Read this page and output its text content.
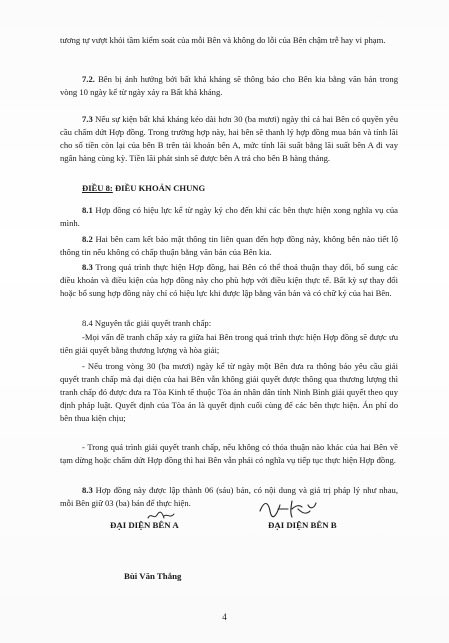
tương tự vượt khỏi tầm kiểm soát của mỗi Bên và không do lỗi của Bên chậm trễ hay vi phạm.

7.2. Bên bị ảnh hưởng bởi bất khả kháng sẽ thông báo cho Bên kia bằng văn bản trong vòng 10 ngày kể từ ngày xảy ra Bất khả kháng.

7.3 Nếu sự kiện bất khả kháng kéo dài hơn 30 (ba mươi) ngày thì cả hai Bên có quyền yêu cầu chấm dứt Hợp đồng. Trong trường hợp này, hai bên sẽ thanh lý hợp đồng mua bán và tính lãi cho số tiền còn lại của bên B trên tài khoản bên A, mức tính lãi suất bằng lãi suất bên A đi vay ngân hàng cùng kỳ. Tiền lãi phát sinh sẽ được bên A trả cho bên B hàng tháng.

ĐIỀU 8: ĐIỀU KHOẢN CHUNG

8.1 Hợp đồng có hiệu lực kể từ ngày ký cho đến khi các bên thực hiện xong nghĩa vụ của mình.

8.2 Hai bên cam kết bảo mật thông tin liên quan đến hợp đồng này, không bên nào tiết lộ thông tin nếu không có chấp thuận bằng văn bản của Bên kia.

8.3 Trong quá trình thực hiện Hợp đồng, hai Bên có thể thoả thuận thay đổi, bổ sung các điều khoản và điều kiện của hợp đồng này cho phù hợp với điều kiện thực tế. Bất kỳ sự thay đổi hoặc bổ sung hợp đồng này chỉ có hiệu lực khi được lập bằng văn bản và có chữ ký của hai Bên.

8.4 Nguyên tắc giải quyết tranh chấp:

-Mọi vấn đề tranh chấp xảy ra giữa hai Bên trong quá trình thực hiện Hợp đồng sẽ được ưu tiên giải quyết bằng thương lượng và hòa giải;

- Nếu trong vòng 30 (ba mươi) ngày kể từ ngày một Bên đưa ra thông báo yêu cầu giải quyết tranh chấp mà đại diện của hai Bên vẫn không giải quyết được thông qua thương lượng thì tranh chấp đó được đưa ra Tòa Kinh tế thuộc Tòa án nhân dân tỉnh Ninh Bình giải quyết theo quy định pháp luật. Quyết định của Tòa án là quyết định cuối cùng để các bên thực hiện. Án phí do bên thua kiện chịu;

- Trong quá trình giải quyết tranh chấp, nếu không có thỏa thuận nào khác của hai Bên về tạm dừng hoặc chấm dứt Hợp đồng thì hai Bên vẫn phải có nghĩa vụ tiếp tục thực hiện Hợp đồng.

8.3 Hợp đồng này được lập thành 06 (sáu) bản, có nội dung và giá trị pháp lý như nhau, mỗi Bên giữ 03 (ba) bản để thực hiện.

ĐẠI DIỆN BÊN A	ĐẠI DIỆN BÊN B
Bùi Văn Thắng
4
